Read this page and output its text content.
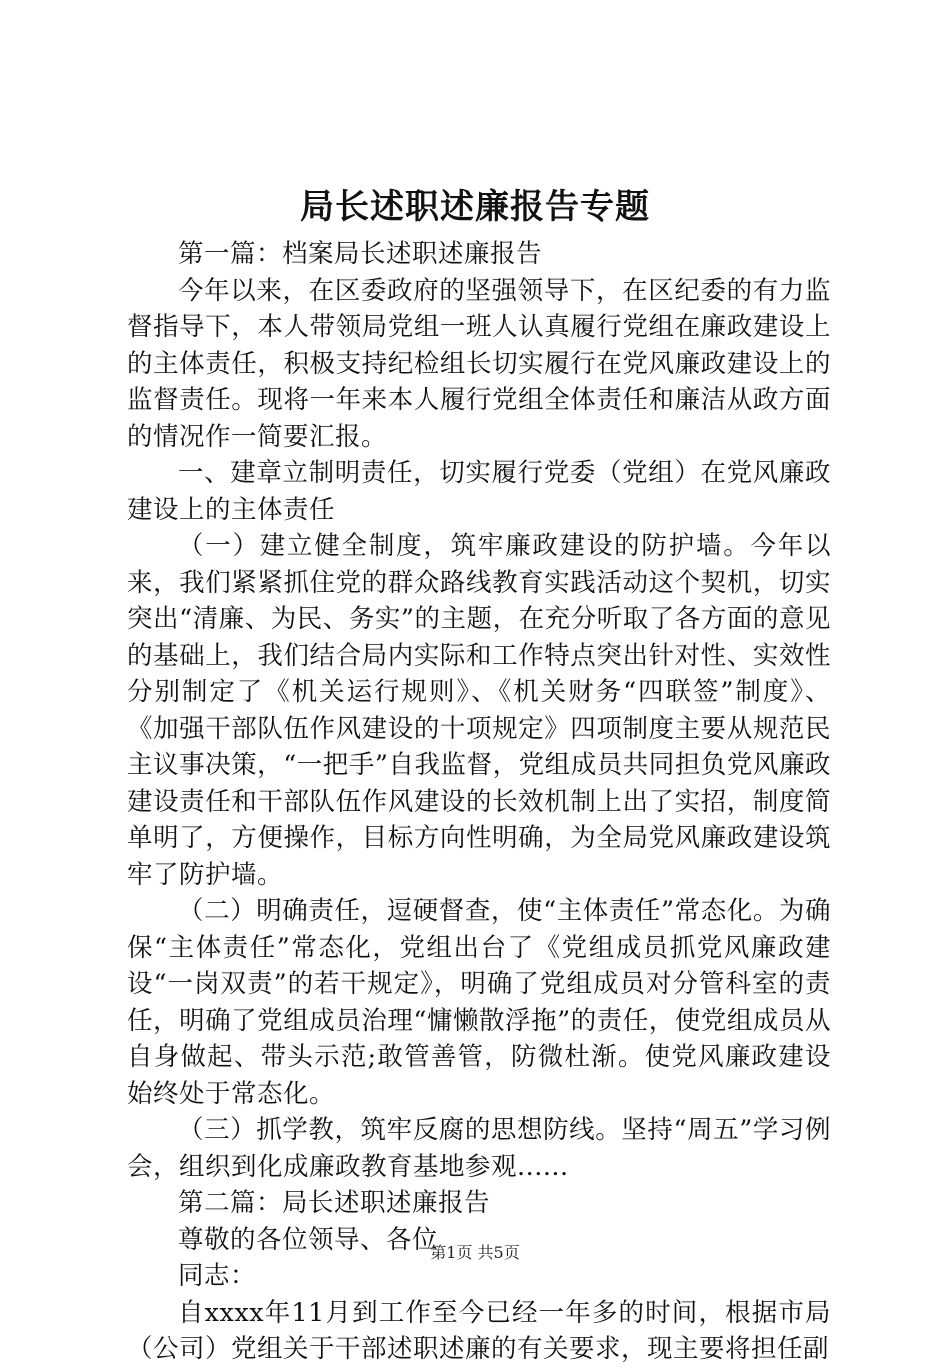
局长述职述廉报告专题

第一篇：档案局长述职述廉报告

今年以来，在区委政府的坚强领导下，在区纪委的有力监督指导下，本人带领局党组一班人认真履行党组在廉政建设上的主体责任，积极支持纪检组长切实履行在党风廉政建设上的监督责任。现将一年来本人履行党组全体责任和廉洁从政方面的情况作一简要汇报。

一、建章立制明责任，切实履行党委（党组）在党风廉政建设上的主体责任

（一）建立健全制度，筑牢廉政建设的防护墙。今年以来，我们紧紧抓住党的群众路线教育实践活动这个契机，切实突出“清廉、为民、务实”的主题，在充分听取了各方面的意见的基础上，我们结合局内实际和工作特点突出针对性、实效性分别制定了《机关运行规则》、《机关财务“四联签”制度》、《加强干部队伍作风建设的十项规定》四项制度主要从规范民主议事决策，“一把手”自我监督，党组成员共同担负党风廉政建设责任和干部队伍作风建设的长效机制上出了实招，制度简单明了，方便操作，目标方向性明确，为全局党风廉政建设筑牢了防护墙。

（二）明确责任，逗硬督查，使“主体责任”常态化。为确保“主体责任”常态化，党组出台了《党组成员抓党风廉政建设“一岗双责”的若干规定》，明确了党组成员对分管科室的责任，明确了党组成员治理“慵懒散浮拖”的责任，使党组成员从自身做起、带头示范;敢管善管，防微杜渐。使党风廉政建设始终处于常态化。

（三）抓学教，筑牢反腐的思想防线。坚持“周五”学习例会，组织到化成廉政教育基地参观......

第二篇：局长述职述廉报告

尊敬的各位领导、各位

同志：

自xxxx年11月到工作至今已经一年多的时间，根据市局（公司）党组关于干部述职述廉的有关要求，现主要将担任副

第1页 共5页
